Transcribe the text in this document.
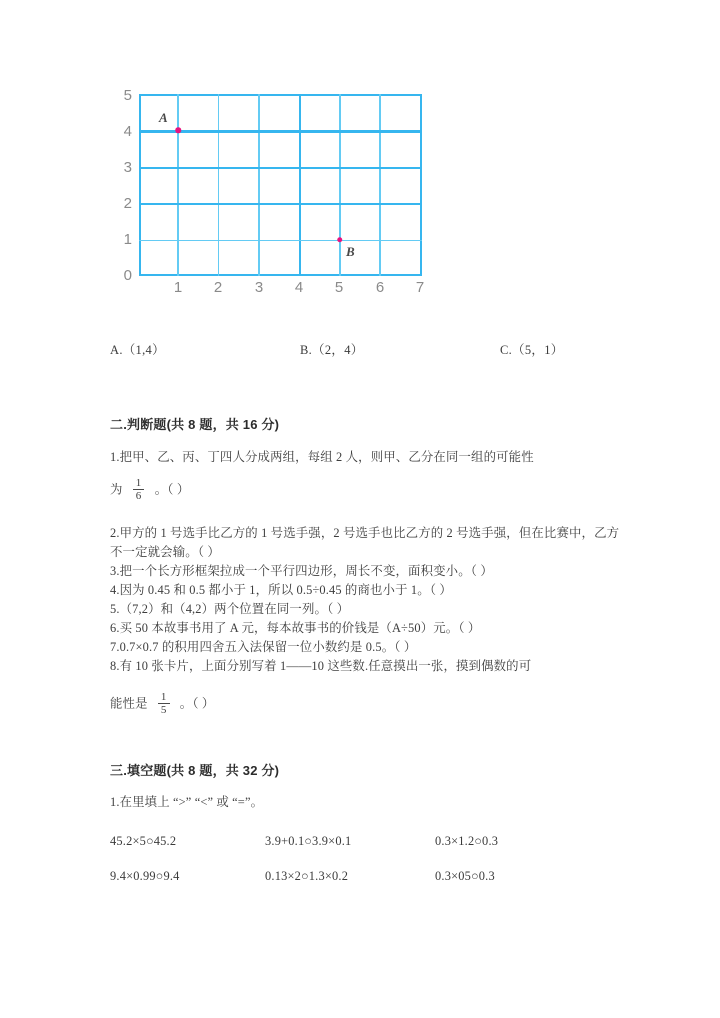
5
4
3
2
1
0
A
B
1	2	3	4	5	6	7
A.（1,4）	B.（2，4）	C.（5，1）
二.判断题(共 8 题，共 16 分)
1.把甲、乙、丙、丁四人分成两组，每组 2 人，则甲、乙分在同一组的可能性
为 $\frac{1}{6}$ 。（ ）
2.甲方的 1 号选手比乙方的 1 号选手强，2 号选手也比乙方的 2 号选手强，但在比赛中，乙方不一定就会输。（ ）
3.把一个长方形框架拉成一个平行四边形，周长不变，面积变小。（ ）
4.因为 0.45 和 0.5 都小于 1，所以 0.5÷0.45 的商也小于 1。（ ）
5.（7,2）和（4,2）两个位置在同一列。（ ）
6.买 50 本故事书用了 A 元，每本故事书的价钱是（A÷50）元。（ ）
7.0.7×0.7 的积用四舍五入法保留一位小数约是 0.5。（ ）
8.有 10 张卡片，上面分别写着 1——10 这些数.任意摸出一张，摸到偶数的可
能性是 $\frac{1}{5}$ 。（ ）
三.填空题(共 8 题，共 32 分)
1.在里填上 “>” “<” 或 “=”。
45.2×5○45.2	3.9+0.1○3.9×0.1	0.3×1.2○0.3
9.4×0.99○9.4	0.13×2○1.3×0.2	0.3×05○0.3
